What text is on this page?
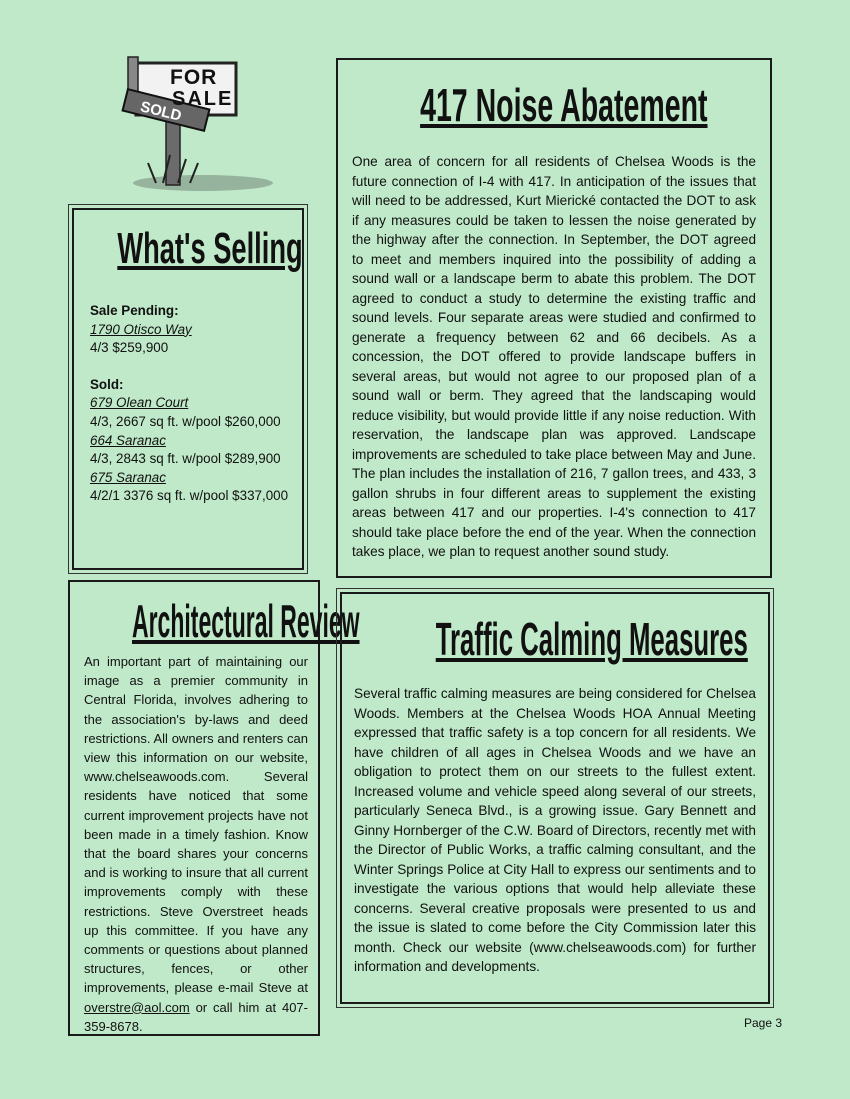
FOR
SALE
SOLD
What's Selling
Sale Pending:
1790 Otisco Way
4/3 $259,900
Sold:
679 Olean Court
4/3, 2667 sq ft. w/pool $260,000
664 Saranac
4/3, 2843 sq ft. w/pool $289,900
675 Saranac
4/2/1 3376 sq ft. w/pool $337,000
417 Noise Abatement

One area of concern for all residents of Chelsea Woods is the future connection of I-4 with 417. In anticipation of the issues that will need to be addressed, Kurt Mierické contacted the DOT to ask if any measures could be taken to lessen the noise generated by the highway after the connection. In September, the DOT agreed to meet and members inquired into the possibility of adding a sound wall or a landscape berm to abate this problem. The DOT agreed to conduct a study to determine the existing traffic and sound levels. Four separate areas were studied and confirmed to generate a frequency between 62 and 66 decibels. As a concession, the DOT offered to provide landscape buffers in several areas, but would not agree to our proposed plan of a sound wall or berm. They agreed that the landscaping would reduce visibility, but would provide little if any noise reduction. With reservation, the landscape plan was approved. Landscape improvements are scheduled to take place between May and June. The plan includes the installation of 216, 7 gallon trees, and 433, 3 gallon shrubs in four different areas to supplement the existing areas between 417 and our properties. I-4's connection to 417 should take place before the end of the year. When the connection takes place, we plan to request another sound study.

Architectural Review

An important part of maintaining our image as a premier community in Central Florida, involves adhering to the association's by-laws and deed restrictions. All owners and renters can view this information on our website, www.chelseawoods.com. Several residents have noticed that some current improvement projects have not been made in a timely fashion. Know that the board shares your concerns and is working to insure that all current improvements comply with these restrictions. Steve Overstreet heads up this committee. If you have any comments or questions about planned structures, fences, or other improvements, please e-mail Steve at overstre@aol.com or call him at 407-359-8678.

Traffic Calming Measures

Several traffic calming measures are being considered for Chelsea Woods. Members at the Chelsea Woods HOA Annual Meeting expressed that traffic safety is a top concern for all residents. We have children of all ages in Chelsea Woods and we have an obligation to protect them on our streets to the fullest extent. Increased volume and vehicle speed along several of our streets, particularly Seneca Blvd., is a growing issue. Gary Bennett and Ginny Hornberger of the C.W. Board of Directors, recently met with the Director of Public Works, a traffic calming consultant, and the Winter Springs Police at City Hall to express our sentiments and to investigate the various options that would help alleviate these concerns. Several creative proposals were presented to us and the issue is slated to come before the City Commission later this month. Check our website (www.chelseawoods.com) for further information and developments.

Page 3
